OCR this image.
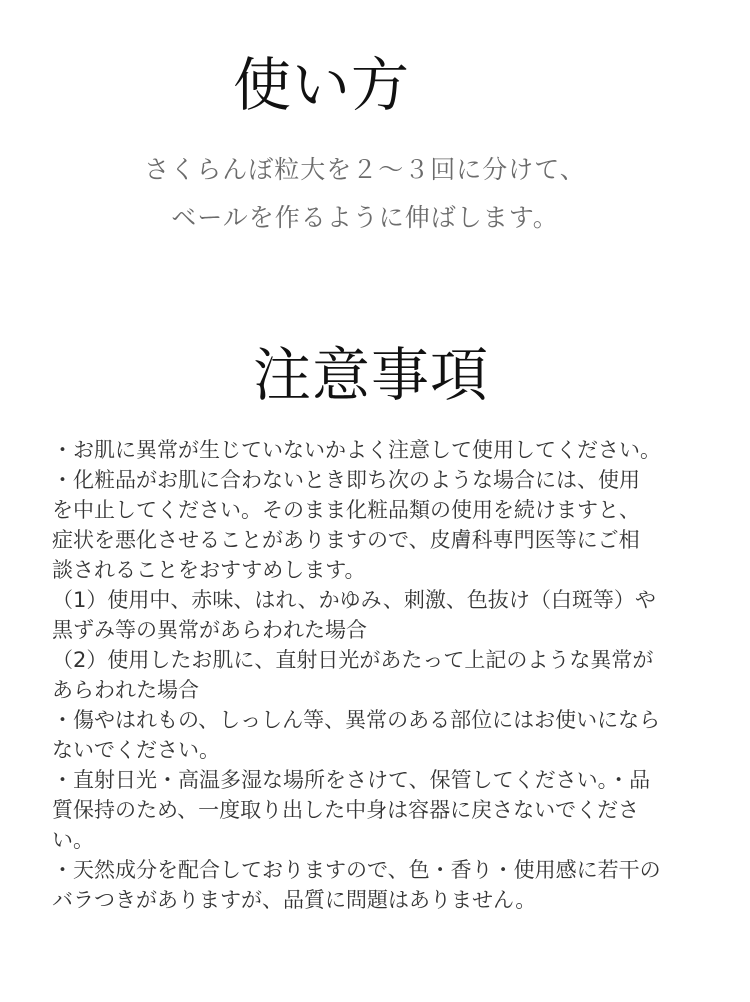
使い方
さくらんぼ粒大を２〜３回に分けて、
ベールを作るように伸ばします。
注意事項
・お肌に異常が生じていないかよく注意して使用してください。
・化粧品がお肌に合わないとき即ち次のような場合には、使用
を中止してください。そのまま化粧品類の使用を続けますと、
症状を悪化させることがありますので、皮膚科専門医等にご相
談されることをおすすめします。
（1）使用中、赤味、はれ、かゆみ、刺激、色抜け（白斑等）や
黒ずみ等の異常があらわれた場合
（2）使用したお肌に、直射日光があたって上記のような異常が
あらわれた場合
・傷やはれもの、しっしん等、異常のある部位にはお使いになら
ないでください。
・直射日光・高温多湿な場所をさけて、保管してください。・品
質保持のため、一度取り出した中身は容器に戻さないでくださ
い。
・天然成分を配合しておりますので、色・香り・使用感に若干の
バラつきがありますが、品質に問題はありません。
